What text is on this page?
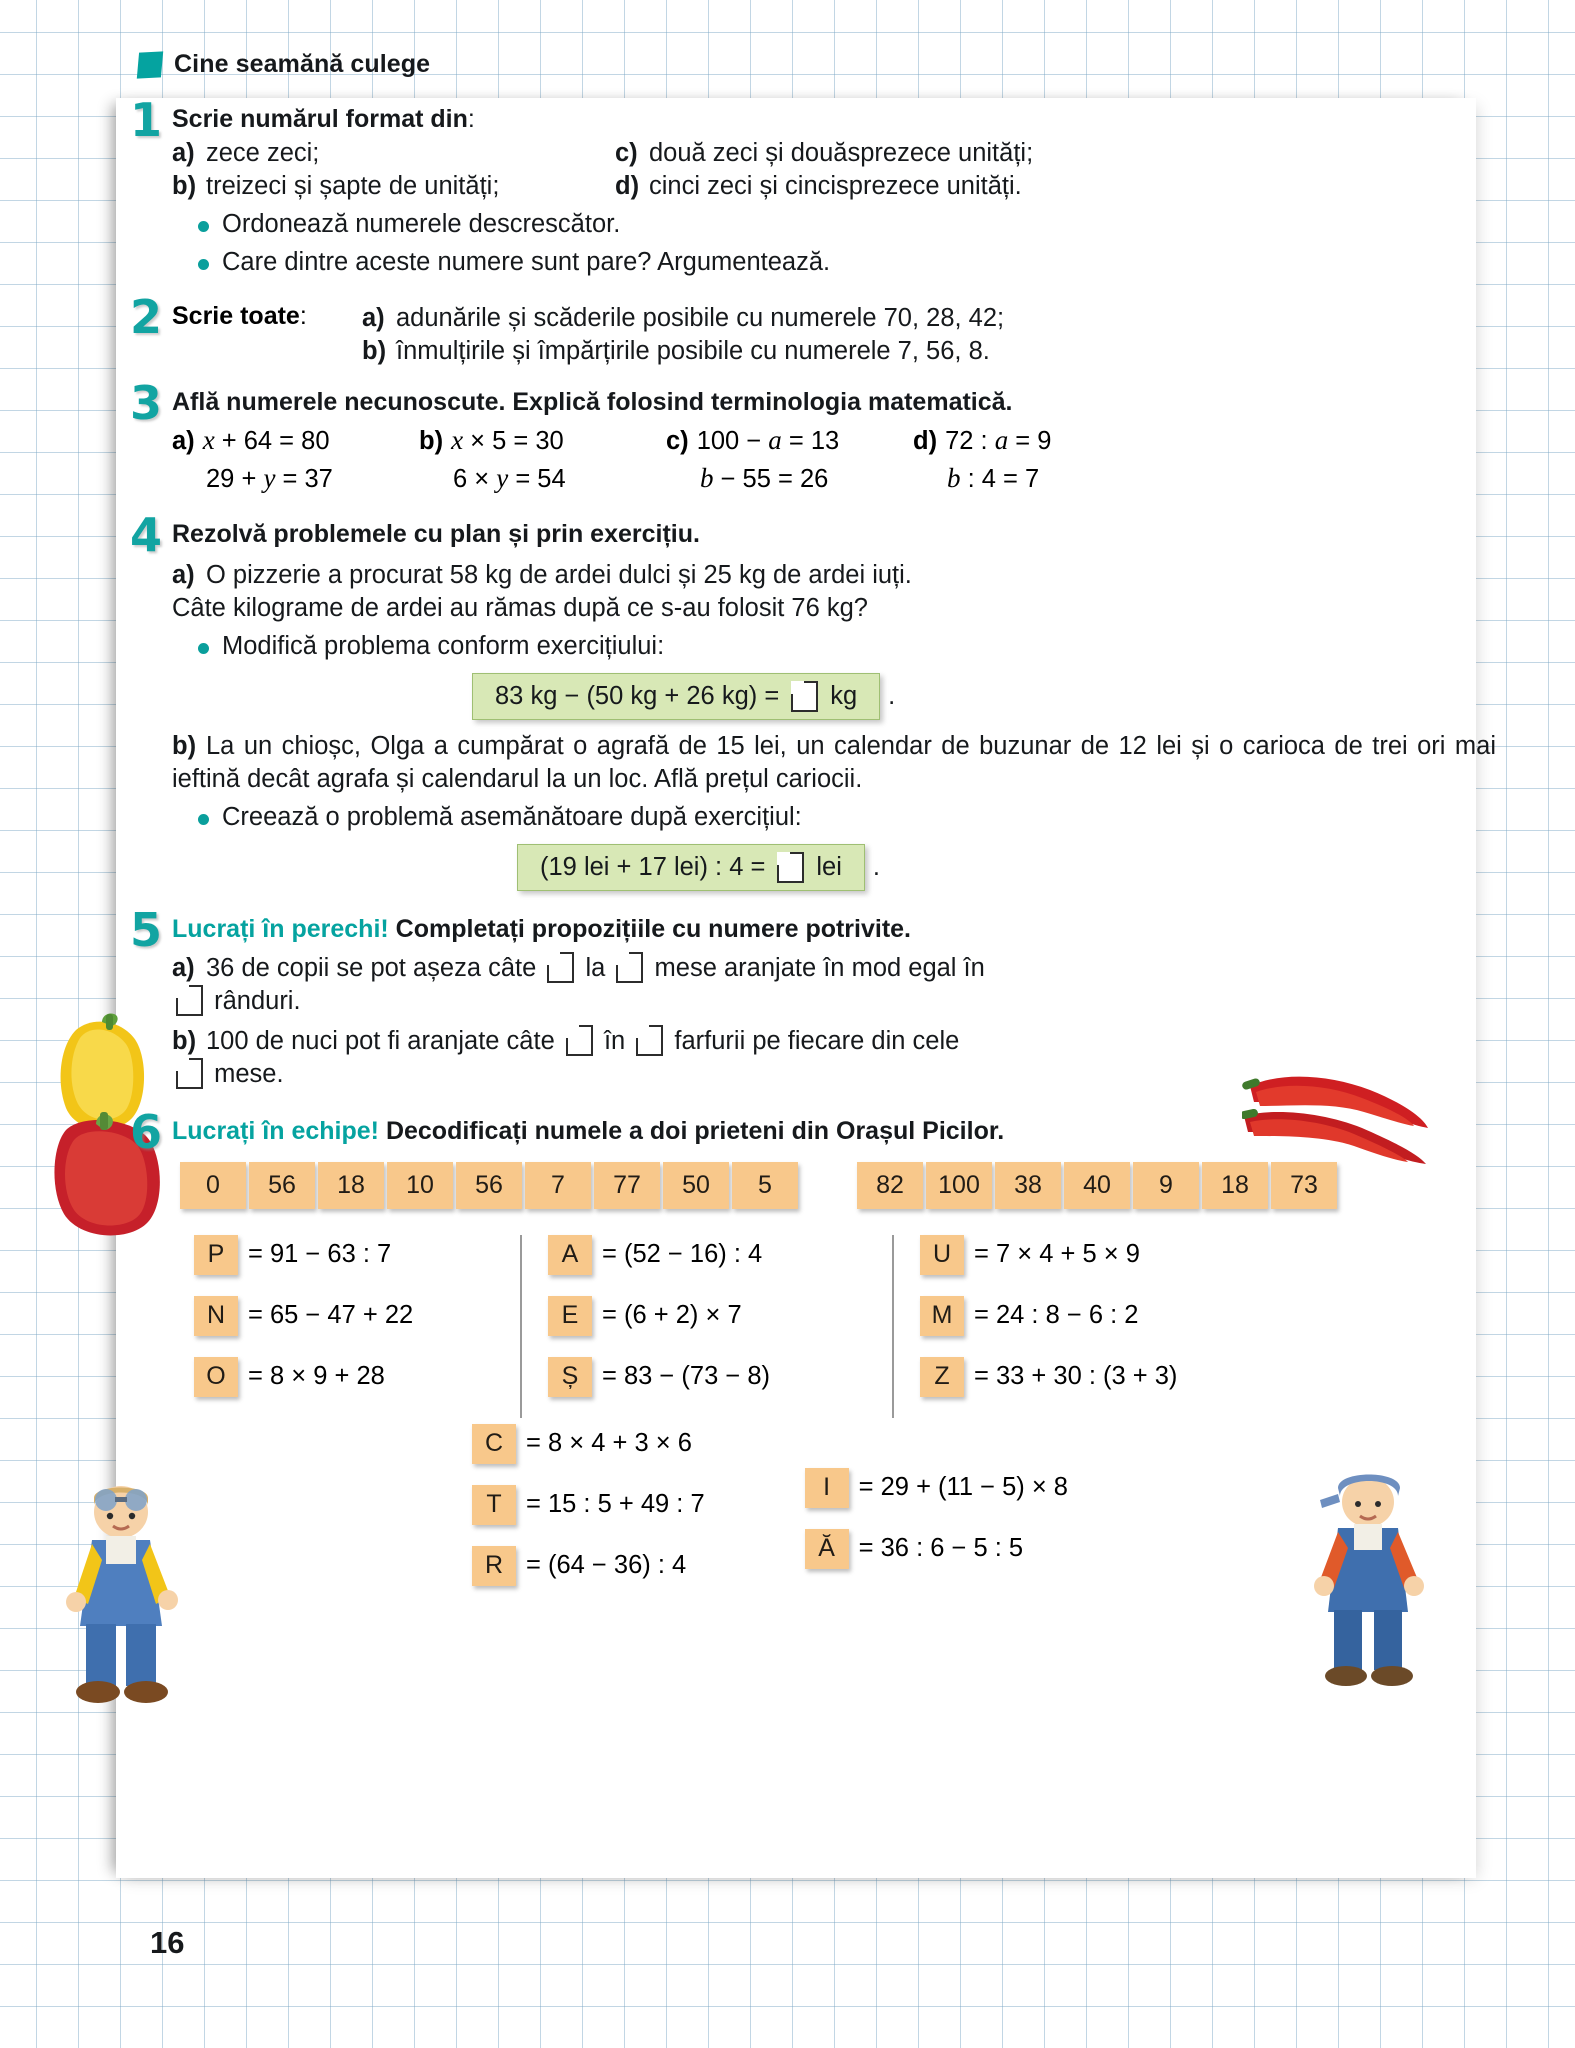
Cine seamănă culege
1 Scrie numărul format din:
a) zece zeci;
b) treizeci și șapte de unități;
c) două zeci și douăsprezece unități;
d) cinci zeci și cincisprezece unități.
Ordonează numerele descrescător.
Care dintre aceste numere sunt pare? Argumentează.
2 Scrie toate:	a) adunările și scăderile posibile cu numerele 70, 28, 42;
b) înmulțirile și împărțirile posibile cu numerele 7, 56, 8.
3 Află numerele necunoscute. Explică folosind terminologia matematică.
a) x + 64 = 80
29 + y = 37
b) x × 5 = 30
6 × y = 54
c) 100 − a = 13
b − 55 = 26
d) 72 : a = 9
b : 4 = 7
4 Rezolvă problemele cu plan și prin exercițiu.
a) O pizzerie a procurat 58 kg de ardei dulci și 25 kg de ardei iuți.
Câte kilograme de ardei au rămas după ce s-au folosit 76 kg?
Modifică problema conform exercițiului:
83 kg − (50 kg + 26 kg) = kg .
b) La un chioșc, Olga a cumpărat o agrafă de 15 lei, un calendar de buzunar de 12 lei și o carioca de trei ori mai ieftină decât agrafa și calendarul la un loc. Află prețul cariocii.
Creează o problemă asemănătoare după exercițiul:
(19 lei + 17 lei) : 4 = lei .
5 Lucrați în perechi! Completați propozițiile cu numere potrivite.
a) 36 de copii se pot așeza câte la mese aranjate în mod egal în
rânduri.
b) 100 de nuci pot fi aranjate câte în farfurii pe fiecare din cele
mese.
6 Lucrați în echipe! Decodificați numele a doi prieteni din Orașul Picilor.
0	56	18	10	56	7	77	50	5	82	100	38	40	9	18	73
P = 91 − 63 : 7
N = 65 − 47 + 22
O = 8 × 9 + 28
A = (52 − 16) : 4
E = (6 + 2) × 7
Ș = 83 − (73 − 8)
U = 7 × 4 + 5 × 9
M = 24 : 8 − 6 : 2
Z = 33 + 30 : (3 + 3)
C = 8 × 4 + 3 × 6
T = 15 : 5 + 49 : 7
R = (64 − 36) : 4
I	= 29 + (11 − 5) × 8
Ă = 36 : 6 − 5 : 5
16
